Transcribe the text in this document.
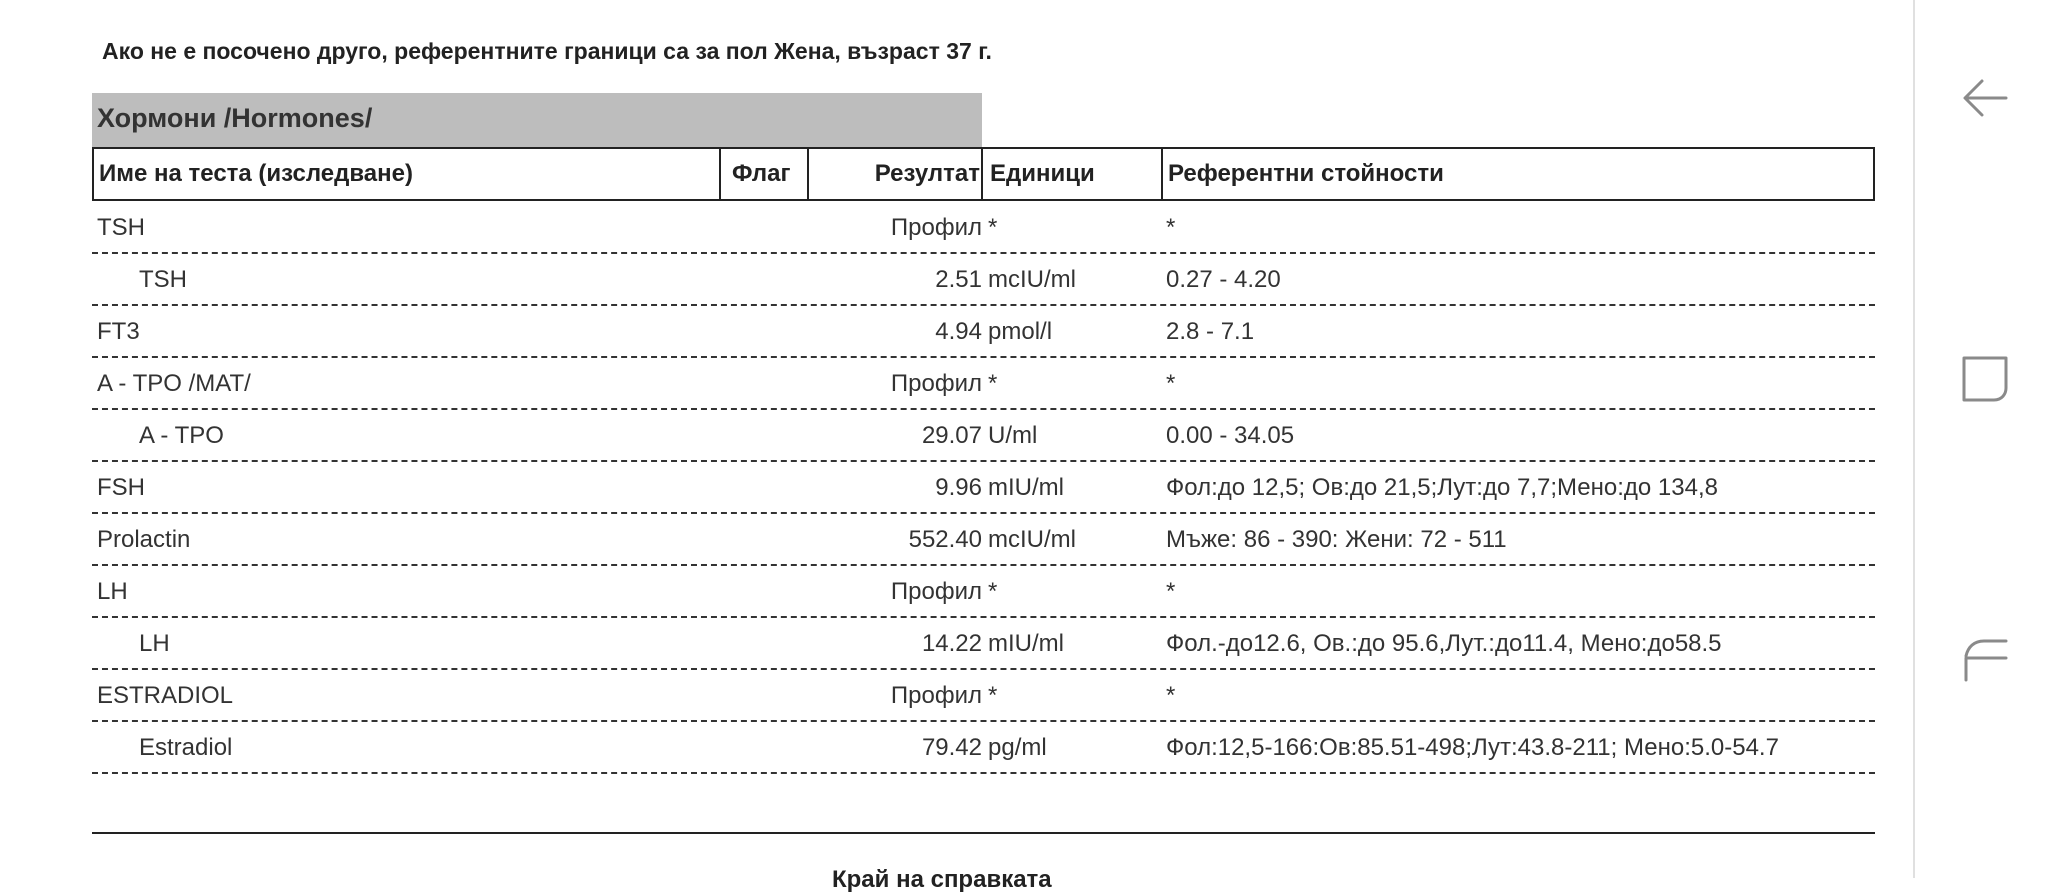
Ако не е посочено друго, референтните граници са за пол Жена, възраст 37 г.
Хормони /Hormones/
Име на теста (изследване)	Флаг	Резултат Единици	Референтни стойности
TSH	Профил *	*
TSH	2.51 mcIU/ml	0.27 - 4.20
FT3	4.94 pmol/l	2.8 - 7.1
A - TPO /MAT/	Профил *	*
A - TPO	29.07 U/ml	0.00 - 34.05
FSH	9.96 mIU/ml	Фол:до 12,5; Ов:до 21,5;Лут:до 7,7;Мено:до 134,8
Prolactin	552.40 mcIU/ml	Мъже: 86 - 390: Жени: 72 - 511
LH	Профил *	*
LH	14.22 mIU/ml	Фол.-до12.6, Ов.:до 95.6,Лут.:до11.4, Мено:до58.5
ESTRADIOL	Профил *	*
Estradiol	79.42 pg/ml	Фол:12,5-166:Ов:85.51-498;Лут:43.8-211; Мено:5.0-54.7
Край на справката
